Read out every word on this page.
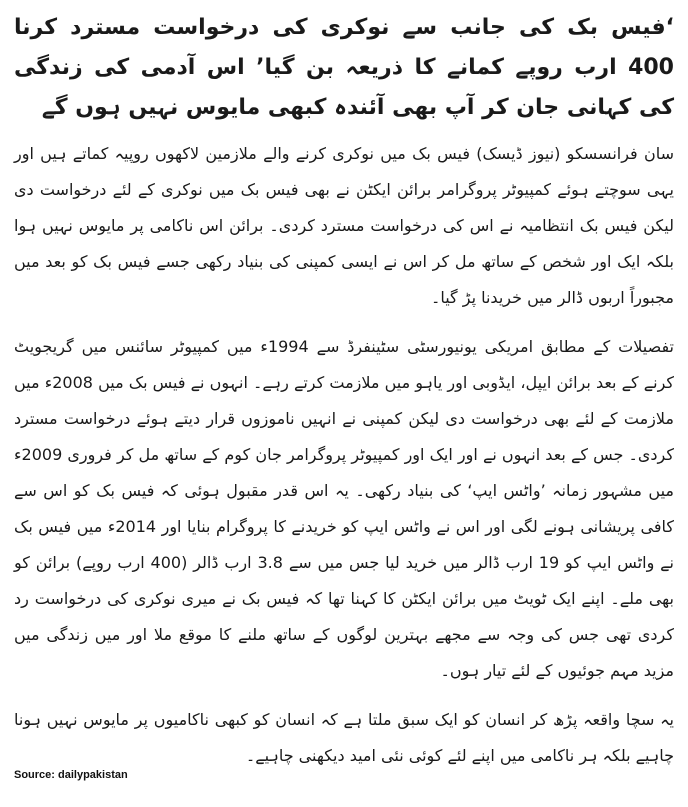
‘فیس بک کی جانب سے نوکری کی درخواست مسترد کرنا 400 ارب روپے کمانے کا ذریعہ بن گیا’ اس آدمی کی زندگی کی کہانی جان کر آپ بھی آئندہ کبھی مایوس نہیں ہوں گے

سان فرانسسکو (نیوز ڈیسک) فیس بک میں نوکری کرنے والے ملازمین لاکھوں روپیہ کماتے ہیں اور یہی سوچتے ہوئے کمپیوٹر پروگرامر برائن ایکٹن نے بھی فیس بک میں نوکری کے لئے درخواست دی لیکن فیس بک انتظامیہ نے اس کی درخواست مسترد کردی۔ برائن اس ناکامی پر مایوس نہیں ہوا بلکہ ایک اور شخص کے ساتھ مل کر اس نے ایسی کمپنی کی بنیاد رکھی جسے فیس بک کو بعد میں مجبوراً اربوں ڈالر میں خریدنا پڑ گیا۔

تفصیلات کے مطابق امریکی یونیورسٹی سٹینفرڈ سے 1994ء میں کمپیوٹر سائنس میں گریجویٹ کرنے کے بعد برائن ایپل، ایڈوبی اور یاہو میں ملازمت کرتے رہے۔ انہوں نے فیس بک میں 2008ء میں ملازمت کے لئے بھی درخواست دی لیکن کمپنی نے انہیں ناموزوں قرار دیتے ہوئے درخواست مسترد کردی۔ جس کے بعد انہوں نے اور ایک اور کمپیوٹر پروگرامر جان کوم کے ساتھ مل کر فروری 2009ء میں مشہور زمانہ ’واٹس ایپ‘ کی بنیاد رکھی۔ یہ اس قدر مقبول ہوئی کہ فیس بک کو اس سے کافی پریشانی ہونے لگی اور اس نے واٹس ایپ کو خریدنے کا پروگرام بنایا اور 2014ء میں فیس بک نے واٹس ایپ کو 19 ارب ڈالر میں خرید لیا جس میں سے 3.8 ارب ڈالر (400 ارب روپے) برائن کو بھی ملے۔ اپنے ایک ٹویٹ میں برائن ایکٹن کا کہنا تھا کہ فیس بک نے میری نوکری کی درخواست رد کردی تھی جس کی وجہ سے مجھے بہترین لوگوں کے ساتھ ملنے کا موقع ملا اور میں زندگی میں مزید مہم جوئیوں کے لئے تیار ہوں۔

یہ سچا واقعہ پڑھ کر انسان کو ایک سبق ملتا ہے کہ انسان کو کبھی ناکامیوں پر مایوس نہیں ہونا چاہیے بلکہ ہر ناکامی میں اپنے لئے کوئی نئی امید دیکھنی چاہیے۔

Source: dailypakistan
